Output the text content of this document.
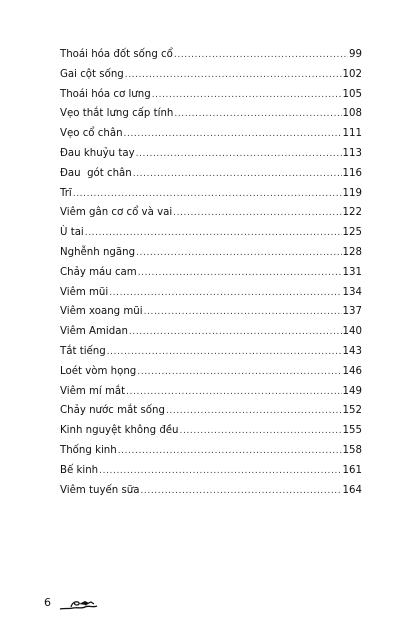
Thoái hóa đốt sống cổ .....	99
Gai cột sống .....	102
Thoái hóa cơ lưng .....	105
Vẹo thắt lưng cấp tính .....	108
Vẹo cổ chân .....	111
Đau khuỷu tay .....	113
Đau  gót chân .....	116
Trĩ .....	119
Viêm gân cơ cổ và vai .....	122
Ù tai .....	125
Nghễnh ngãng .....	128
Chảy máu cam .....	131
Viêm mũi .....	134
Viêm xoang mũi .....	137
Viêm Amidan .....	140
Tắt tiếng .....	143
Loét vòm họng .....	146
Viêm mí mắt .....	149
Chảy nước mắt sống .....	152
Kinh nguyệt không đều .....	155
Thống kinh .....	158
Bế kinh .....	161
Viêm tuyến sữa .....	164
6
